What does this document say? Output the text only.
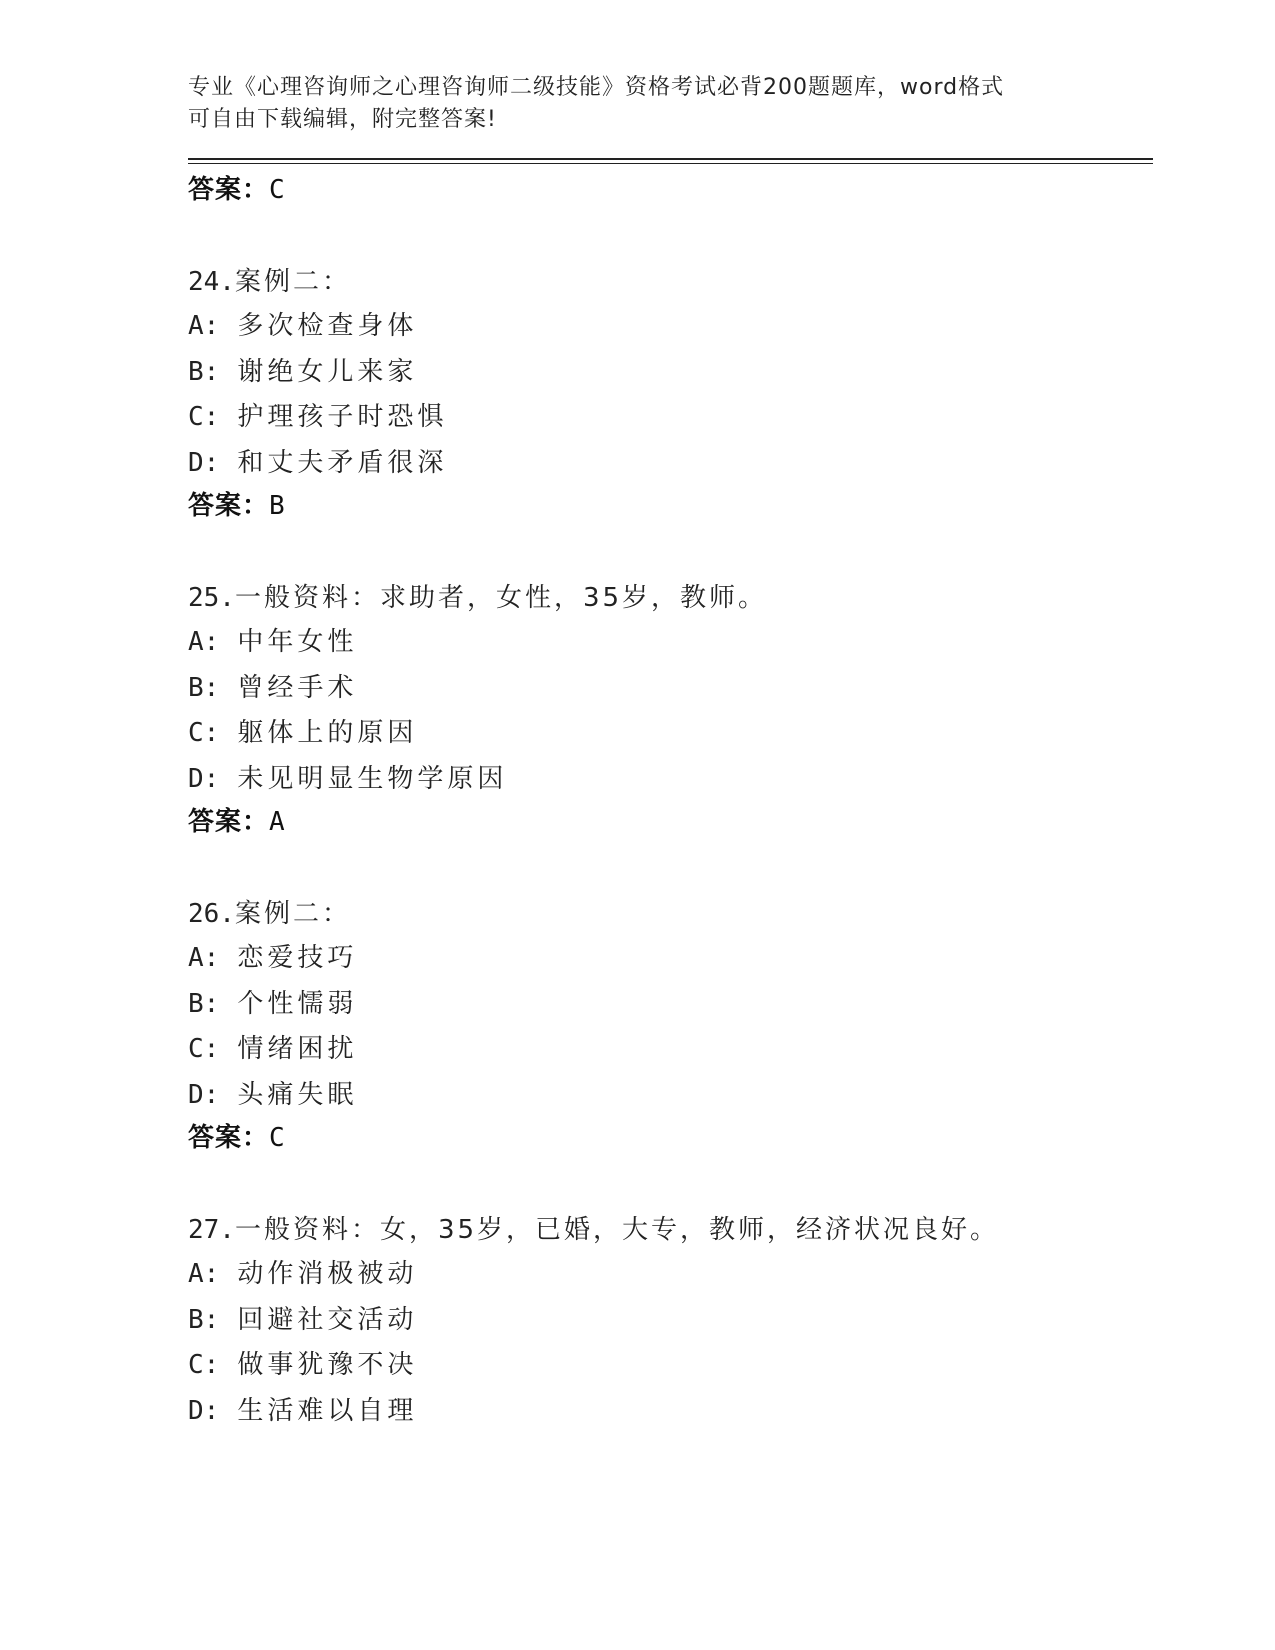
专业《心理咨询师之心理咨询师二级技能》资格考试必背200题题库，word格式
可自由下载编辑，附完整答案!
答案：C
24.案例二：
A: 多次检查身体
B: 谢绝女儿来家
C: 护理孩子时恐惧
D: 和丈夫矛盾很深
答案：B
25.一般资料：求助者，女性，35岁，教师。
A: 中年女性
B: 曾经手术
C: 躯体上的原因
D: 未见明显生物学原因
答案：A
26.案例二：
A: 恋爱技巧
B: 个性懦弱
C: 情绪困扰
D: 头痛失眠
答案：C
27.一般资料：女，35岁，已婚，大专，教师，经济状况良好。
A: 动作消极被动
B: 回避社交活动
C: 做事犹豫不决
D: 生活难以自理
